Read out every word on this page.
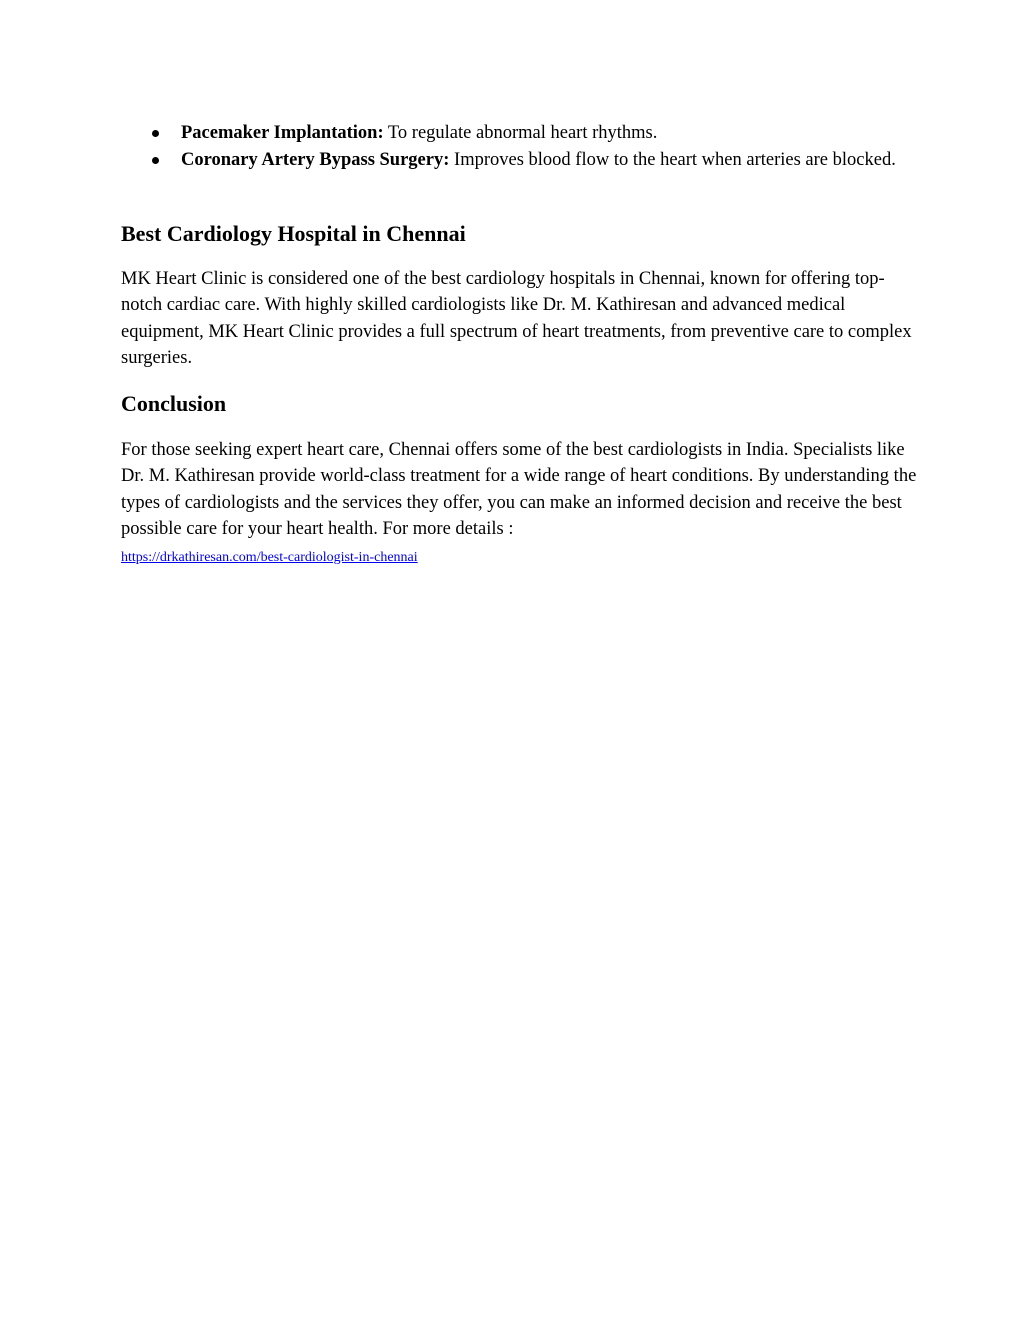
Pacemaker Implantation: To regulate abnormal heart rhythms.
Coronary Artery Bypass Surgery: Improves blood flow to the heart when arteries are blocked.
Best Cardiology Hospital in Chennai

MK Heart Clinic is considered one of the best cardiology hospitals in Chennai, known for offering top-notch cardiac care. With highly skilled cardiologists like Dr. M. Kathiresan and advanced medical equipment, MK Heart Clinic provides a full spectrum of heart treatments, from preventive care to complex surgeries.

Conclusion

For those seeking expert heart care, Chennai offers some of the best cardiologists in India. Specialists like Dr. M. Kathiresan provide world-class treatment for a wide range of heart conditions. By understanding the types of cardiologists and the services they offer, you can make an informed decision and receive the best possible care for your heart health. For more details :
https://drkathiresan.com/best-cardiologist-in-chennai
